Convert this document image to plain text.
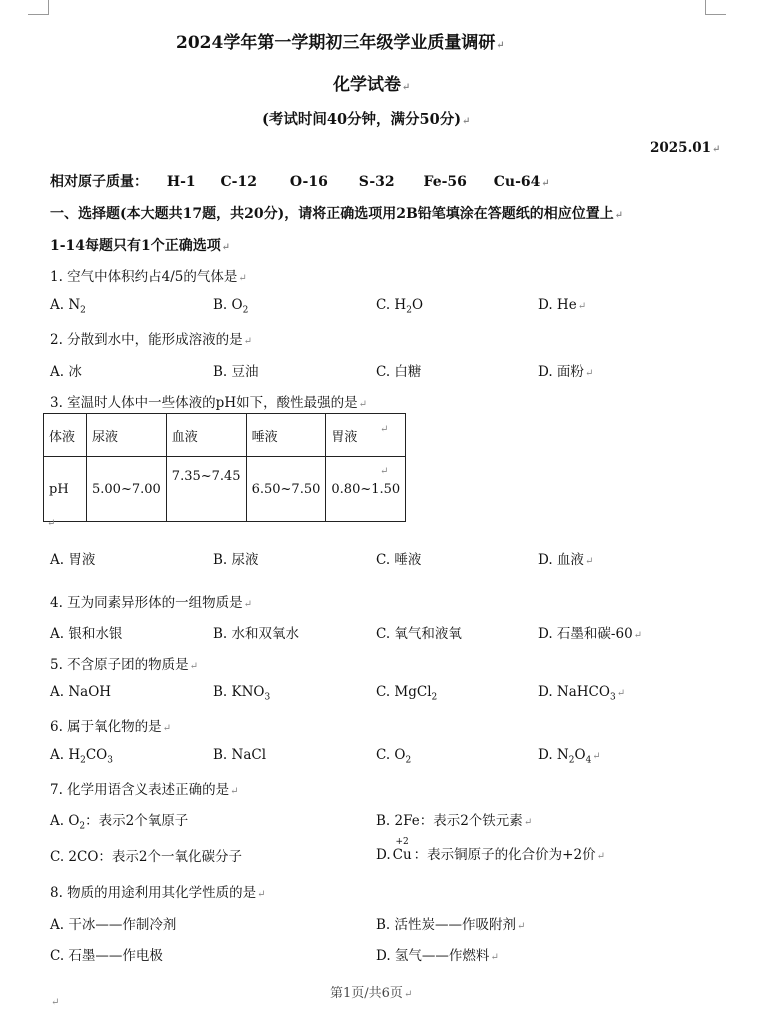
2024学年第一学期初三年级学业质量调研↵
化学试卷↵
(考试时间40分钟，满分50分)↵
2025.01↵
相对原子质量： H-1 C-12 O-16 S-32 Fe-56 Cu-64↵
一、选择题(本大题共17题，共20分)，请将正确选项用2B铅笔填涂在答题纸的相应位置上↵
1-14每题只有1个正确选项↵
1. 空气中体积约占4/5的气体是↵
A. $N_2$	B. $O_2$	C. $H_2O$	D. He↵
2. 分散到水中，能形成溶液的是↵
A. 冰	B. 豆油	C. 白糖	D. 面粉↵
3. 室温时人体中一些体液的pH如下，酸性最强的是↵
体液	尿液	血液	唾液	胃液
pH	5.00~7.00	7.35~7.45	6.50~7.50	0.80~1.50
↵
↵
↵
A. 胃液	B. 尿液	C. 唾液	D. 血液↵
4. 互为同素异形体的一组物质是↵
A. 银和水银	B. 水和双氧水	C. 氧气和液氧	D. 石墨和碳-60↵
5. 不含原子团的物质是↵
A. NaOH	B. $KNO_3$	C. MgCl$_2$	D. NaHCO$_3$↵
6. 属于氧化物的是↵
A. $H_2CO_3$	B. NaCl	C. $O_2$	D. $N_2O_4↵$
7. 化学用语含义表述正确的是↵
A. $O_2$：表示2个氧原子	B. 2Fe：表示2个铁元素↵
C. 2CO：表示2个一氧化碳分子	D.
+2
Cu ：表示铜原子的化合价为+2价↵
8. 物质的用途利用其化学性质的是↵
A. 干冰——作制冷剂	B. 活性炭——作吸附剂↵
C. 石墨——作电极	D. 氢气——作燃料↵
第1页/共6页↵
↵
